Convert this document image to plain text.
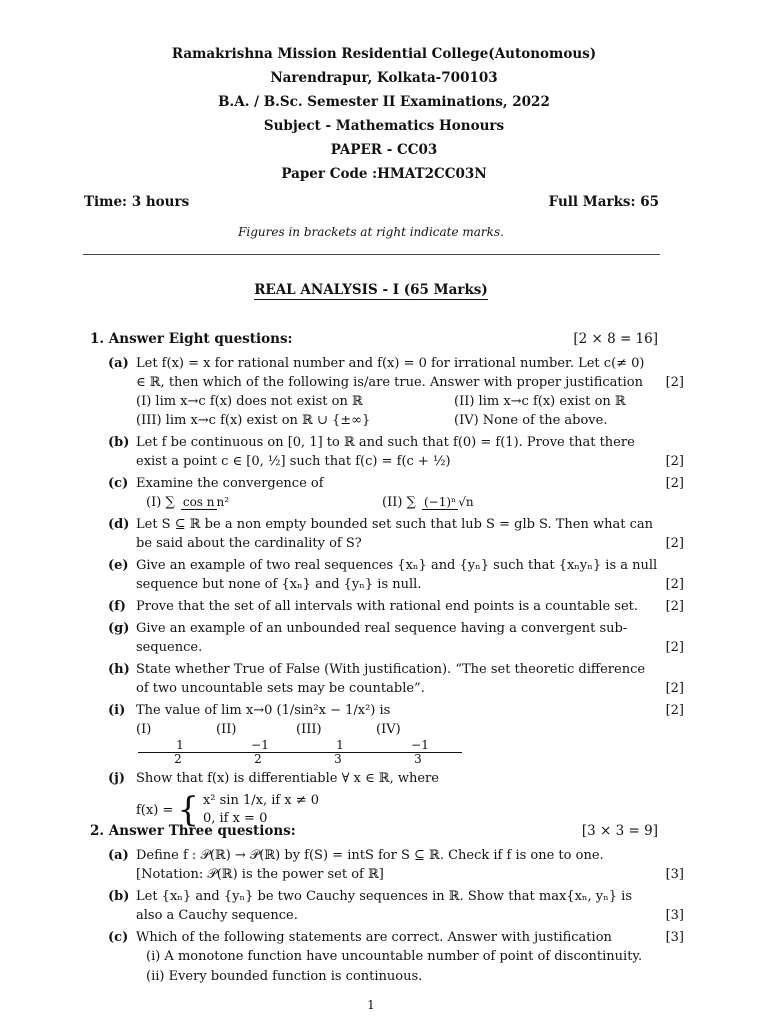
Ramakrishna Mission Residential College(Autonomous)
Narendrapur, Kolkata-700103
B.A. / B.Sc. Semester II Examinations, 2022
Subject - Mathematics Honours
PAPER - CC03
Paper Code :HMAT2CC03N
Time: 3 hours	Full Marks: 65
Figures in brackets at right indicate marks.
REAL ANALYSIS - I (65 Marks)
1. Answer Eight questions:	[2 × 8 = 16]
(a) Let f(x) = x for rational number and f(x) = 0 for irrational number. Let c(≠ 0) ∈ ℝ, then which of the following is/are true. Answer with proper justification
(I) lim x→c f(x) does not exist on ℝ	(II) lim x→c f(x) exist on ℝ
(III) lim x→c f(x) exist on ℝ ∪ {±∞}	(IV) None of the above.
[2]
(b) Let f be continuous on [0, 1] to ℝ and such that f(0) = f(1). Prove that there exist a point c ∈ [0, ½] such that f(c) = f(c + ½)	[2]
(c) Examine the convergence of
(I) ∑ cos n n²	(II) ∑ (−1)ⁿ √n
[2]
(d) Let S ⊆ ℝ be a non empty bounded set such that lub S = glb S. Then what can be said about the cardinality of S?	[2]
(e) Give an example of two real sequences {xₙ} and {yₙ} such that {xₙyₙ} is a null sequence but none of {xₙ} and {yₙ} is null.	[2]
(f) Prove that the set of all intervals with rational end points is a countable set.	[2]
(g) Give an example of an unbounded real sequence having a convergent sub-sequence.	[2]
(h) State whether True of False (With justification). “The set theoretic difference of two uncountable sets may be countable”.	[2]
(i) The value of lim x→0 (1/sin²x − 1/x²) is
$(I)\frac{1}{2}$
$(II)\frac{-1}{2}$
$(III)\frac{1}{3}$
$(IV)\frac{-1}{3}$
[2]
(j) Show that f(x) is differentiable ∀ x ∈ ℝ, where
f(x) = { x² sin 1/x, if x ≠ 0
0, if x = 0
2. Answer Three questions:	[3 × 3 = 9]
(a) Define f : 𝒫(ℝ) → 𝒫(ℝ) by f(S) = intS for S ⊆ ℝ. Check if f is one to one. [Notation: 𝒫(ℝ) is the power set of ℝ]	[3]
(b) Let {xₙ} and {yₙ} be two Cauchy sequences in ℝ. Show that max{xₙ, yₙ} is also a Cauchy sequence.	[3]
(c) Which of the following statements are correct. Answer with justification
(i) A monotone function have uncountable number of point of discontinuity.
(ii) Every bounded function is continuous.
[3]
1
